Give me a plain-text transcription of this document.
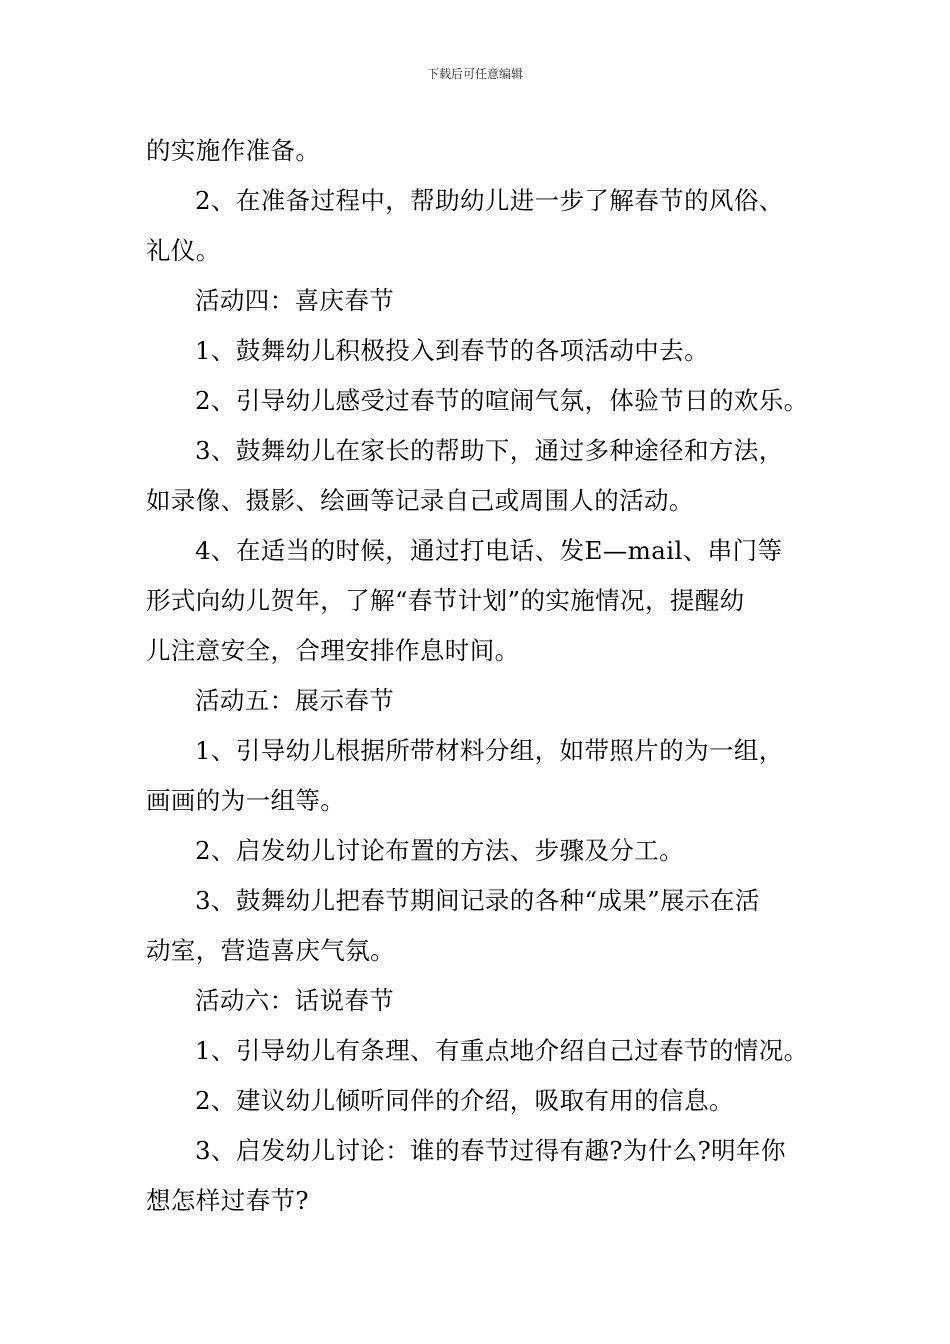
下载后可任意编辑
的实施作准备。
2、在准备过程中，帮助幼儿进一步了解春节的风俗、
礼仪。
活动四：喜庆春节
1、鼓舞幼儿积极投入到春节的各项活动中去。
2、引导幼儿感受过春节的喧闹气氛，体验节日的欢乐。
3、鼓舞幼儿在家长的帮助下，通过多种途径和方法，
如录像、摄影、绘画等记录自己或周围人的活动。
4、在适当的时候，通过打电话、发E—mail、串门等
形式向幼儿贺年，了解“春节计划”的实施情况，提醒幼
儿注意安全，合理安排作息时间。
活动五：展示春节
1、引导幼儿根据所带材料分组，如带照片的为一组，
画画的为一组等。
2、启发幼儿讨论布置的方法、步骤及分工。
3、鼓舞幼儿把春节期间记录的各种“成果”展示在活
动室，营造喜庆气氛。
活动六：话说春节
1、引导幼儿有条理、有重点地介绍自己过春节的情况。
2、建议幼儿倾听同伴的介绍，吸取有用的信息。
3、启发幼儿讨论：谁的春节过得有趣?为什么?明年你
想怎样过春节?
